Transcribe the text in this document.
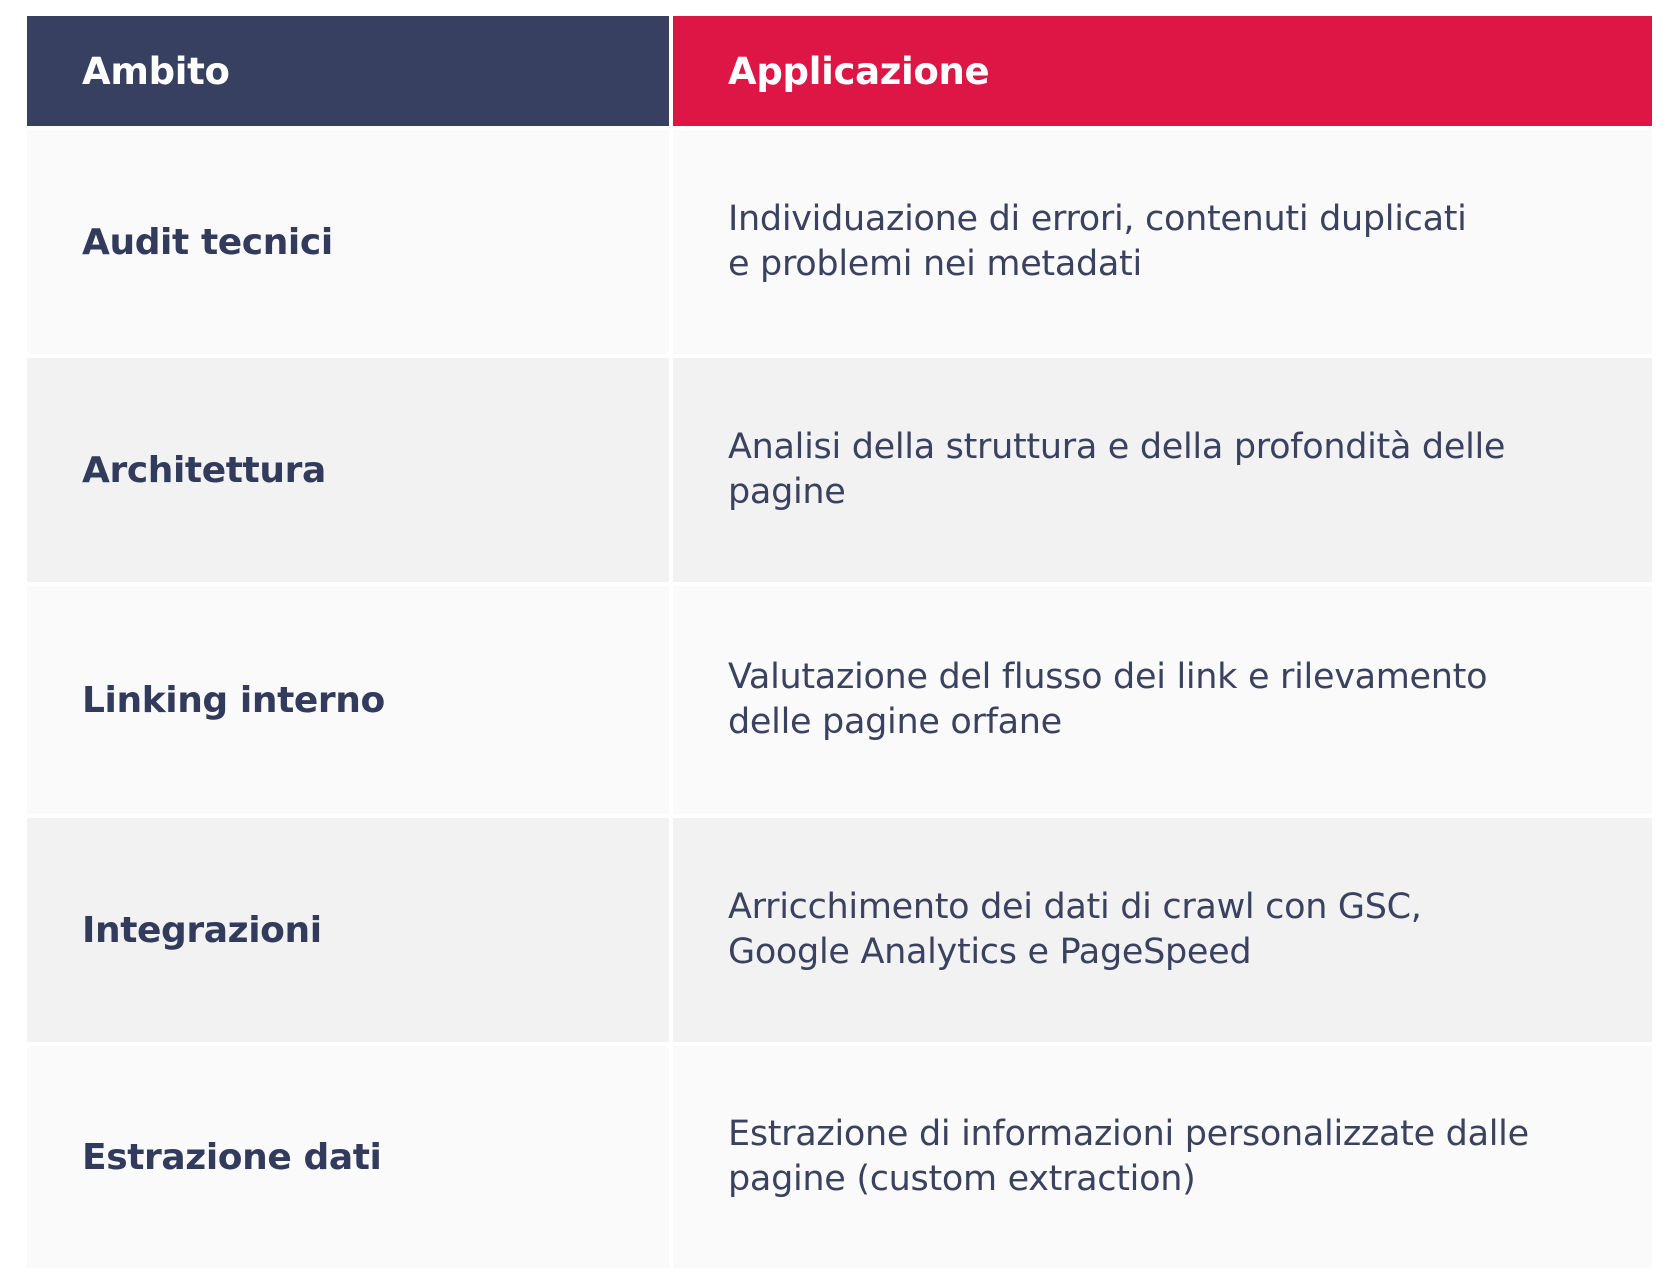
Ambito	Applicazione
Audit tecnici
Individuazione di errori, contenuti duplicati
e problemi nei metadati
Architettura
Analisi della struttura e della profondità delle
pagine
Linking interno
Valutazione del flusso dei link e rilevamento
delle pagine orfane
Integrazioni
Arricchimento dei dati di crawl con GSC,
Google Analytics e PageSpeed
Estrazione dati
Estrazione di informazioni personalizzate dalle
pagine (custom extraction)
